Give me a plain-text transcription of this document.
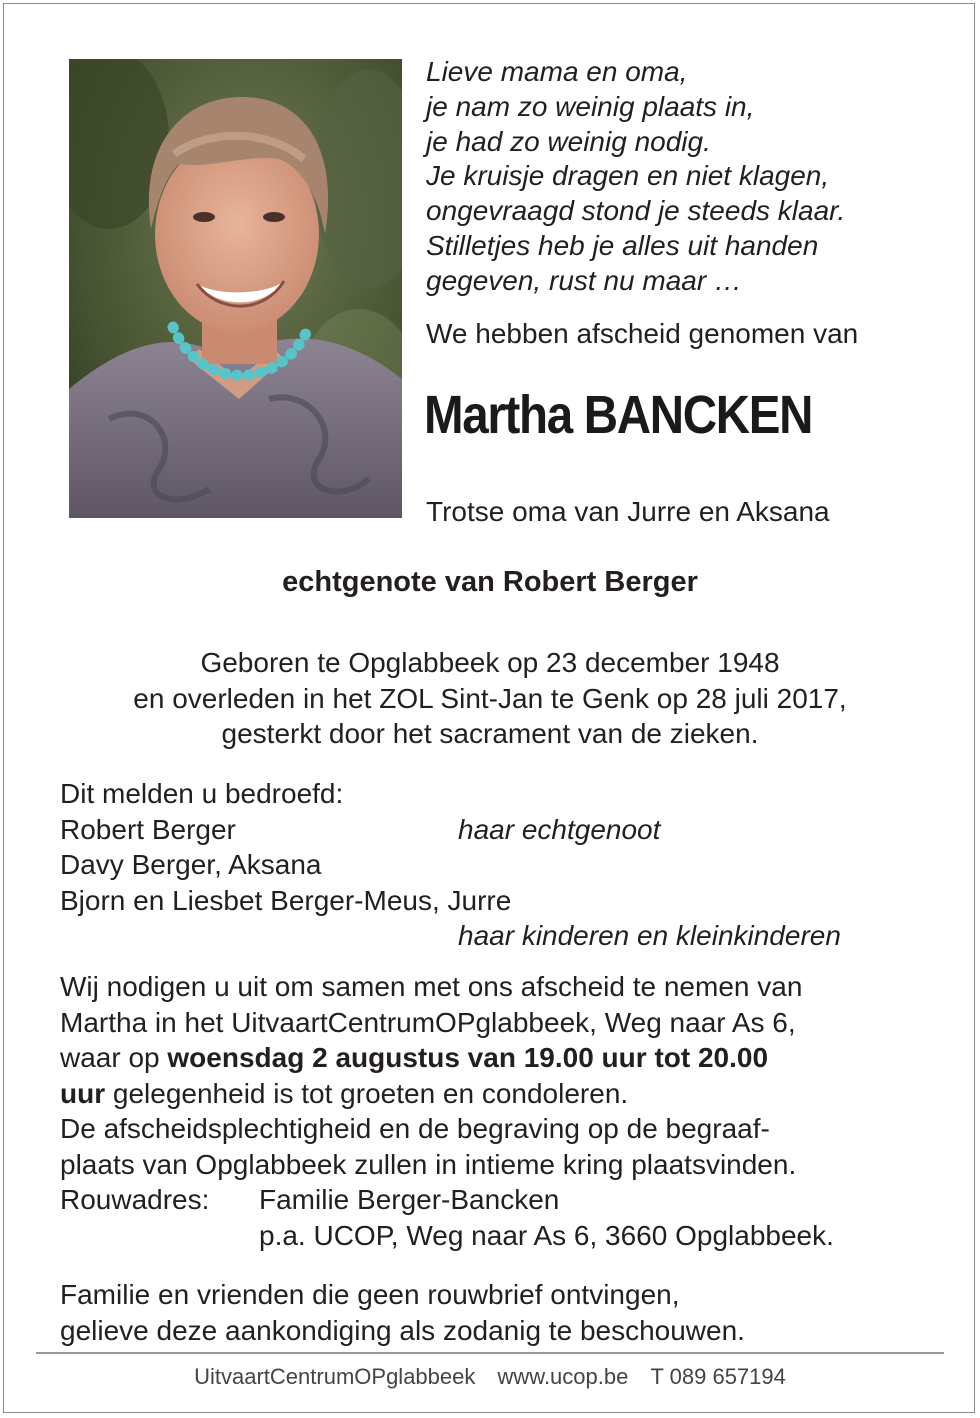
Lieve mama en oma,
je nam zo weinig plaats in,
je had zo weinig nodig.
Je kruisje dragen en niet klagen,
ongevraagd stond je steeds klaar.
Stilletjes heb je alles uit handen
gegeven, rust nu maar …
We hebben afscheid genomen van
Martha BANCKEN
Trotse oma van Jurre en Aksana
echtgenote van Robert Berger
Geboren te Opglabbeek op 23 december 1948
en overleden in het ZOL Sint-Jan te Genk op 28 juli 2017,
gesterkt door het sacrament van de zieken.
Dit melden u bedroefd:
Robert Berger	haar echtgenoot
Davy Berger, Aksana
Bjorn en Liesbet Berger-Meus, Jurre
haar kinderen en kleinkinderen
Wij nodigen u uit om samen met ons afscheid te nemen van
Martha in het UitvaartCentrumOPglabbeek, Weg naar As 6,
waar op woensdag 2 augustus van 19.00 uur tot 20.00
uur gelegenheid is tot groeten en condoleren.
De afscheidsplechtigheid en de begraving op de begraaf-
plaats van Opglabbeek zullen in intieme kring plaatsvinden.
Rouwadres: Familie Berger-Bancken
p.a. UCOP, Weg naar As 6, 3660 Opglabbeek.
Familie en vrienden die geen rouwbrief ontvingen,
gelieve deze aankondiging als zodanig te beschouwen.
UitvaartCentrumOPglabbeek www.ucop.be T 089 657194
